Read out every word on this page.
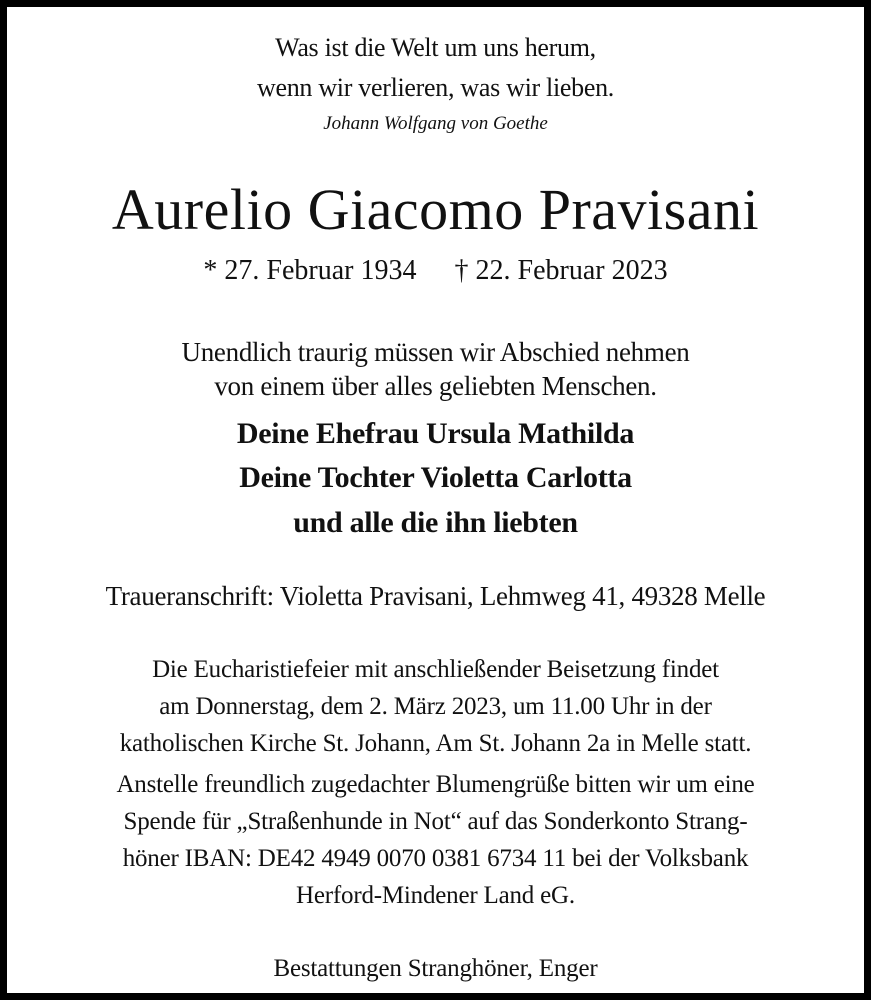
Was ist die Welt um uns herum,
wenn wir verlieren, was wir lieben.
Johann Wolfgang von Goethe
Aurelio Giacomo Pravisani
* 27. Februar 1934 † 22. Februar 2023
Unendlich traurig müssen wir Abschied nehmen
von einem über alles geliebten Menschen.
Deine Ehefrau Ursula Mathilda
Deine Tochter Violetta Carlotta
und alle die ihn liebten
Traueranschrift: Violetta Pravisani, Lehmweg 41, 49328 Melle
Die Eucharistiefeier mit anschließender Beisetzung findet
am Donnerstag, dem 2. März 2023, um 11.00 Uhr in der
katholischen Kirche St. Johann, Am St. Johann 2a in Melle statt.
Anstelle freundlich zugedachter Blumengrüße bitten wir um eine
Spende für „Straßenhunde in Not“ auf das Sonderkonto Strang-
höner IBAN: DE42 4949 0070 0381 6734 11 bei der Volksbank
Herford-Mindener Land eG.
Bestattungen Stranghöner, Enger
